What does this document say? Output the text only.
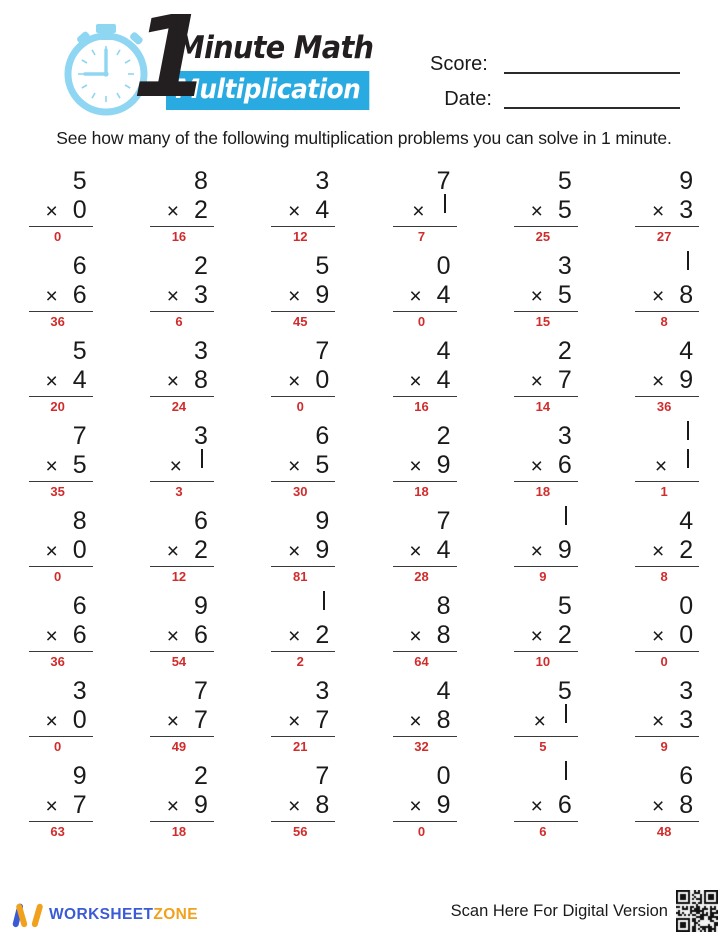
1
Minute Math
Multiplication
Score:
Date:
See how many of the following multiplication problems you can solve in 1 minute.
5
× 0
0
8
× 2
16
3
× 4
12
7
×
7
5
× 5
25
9
× 3
27
6
× 6
36
2
× 3
6
5
× 9
45
0
× 4
0
3
× 5
15
× 8
8
5
× 4
20
3
× 8
24
7
× 0
0
4
× 4
16
2
× 7
14
4
× 9
36
7
× 5
35
3
×
3
6
× 5
30
2
× 9
18
3
× 6
18
×
1
8
× 0
0
6
× 2
12
9
× 9
81
7
× 4
28
× 9
9
4
× 2
8
6
× 6
36
9
× 6
54
× 2
2
8
× 8
64
5
× 2
10
0
× 0
0
3
× 0
0
7
× 7
49
3
× 7
21
4
× 8
32
5
×
5
3
× 3
9
9
× 7
63
2
× 9
18
7
× 8
56
0
× 9
0
× 6
6
6
× 8
48
WORKSHEETZONE	Scan Here For Digital Version
